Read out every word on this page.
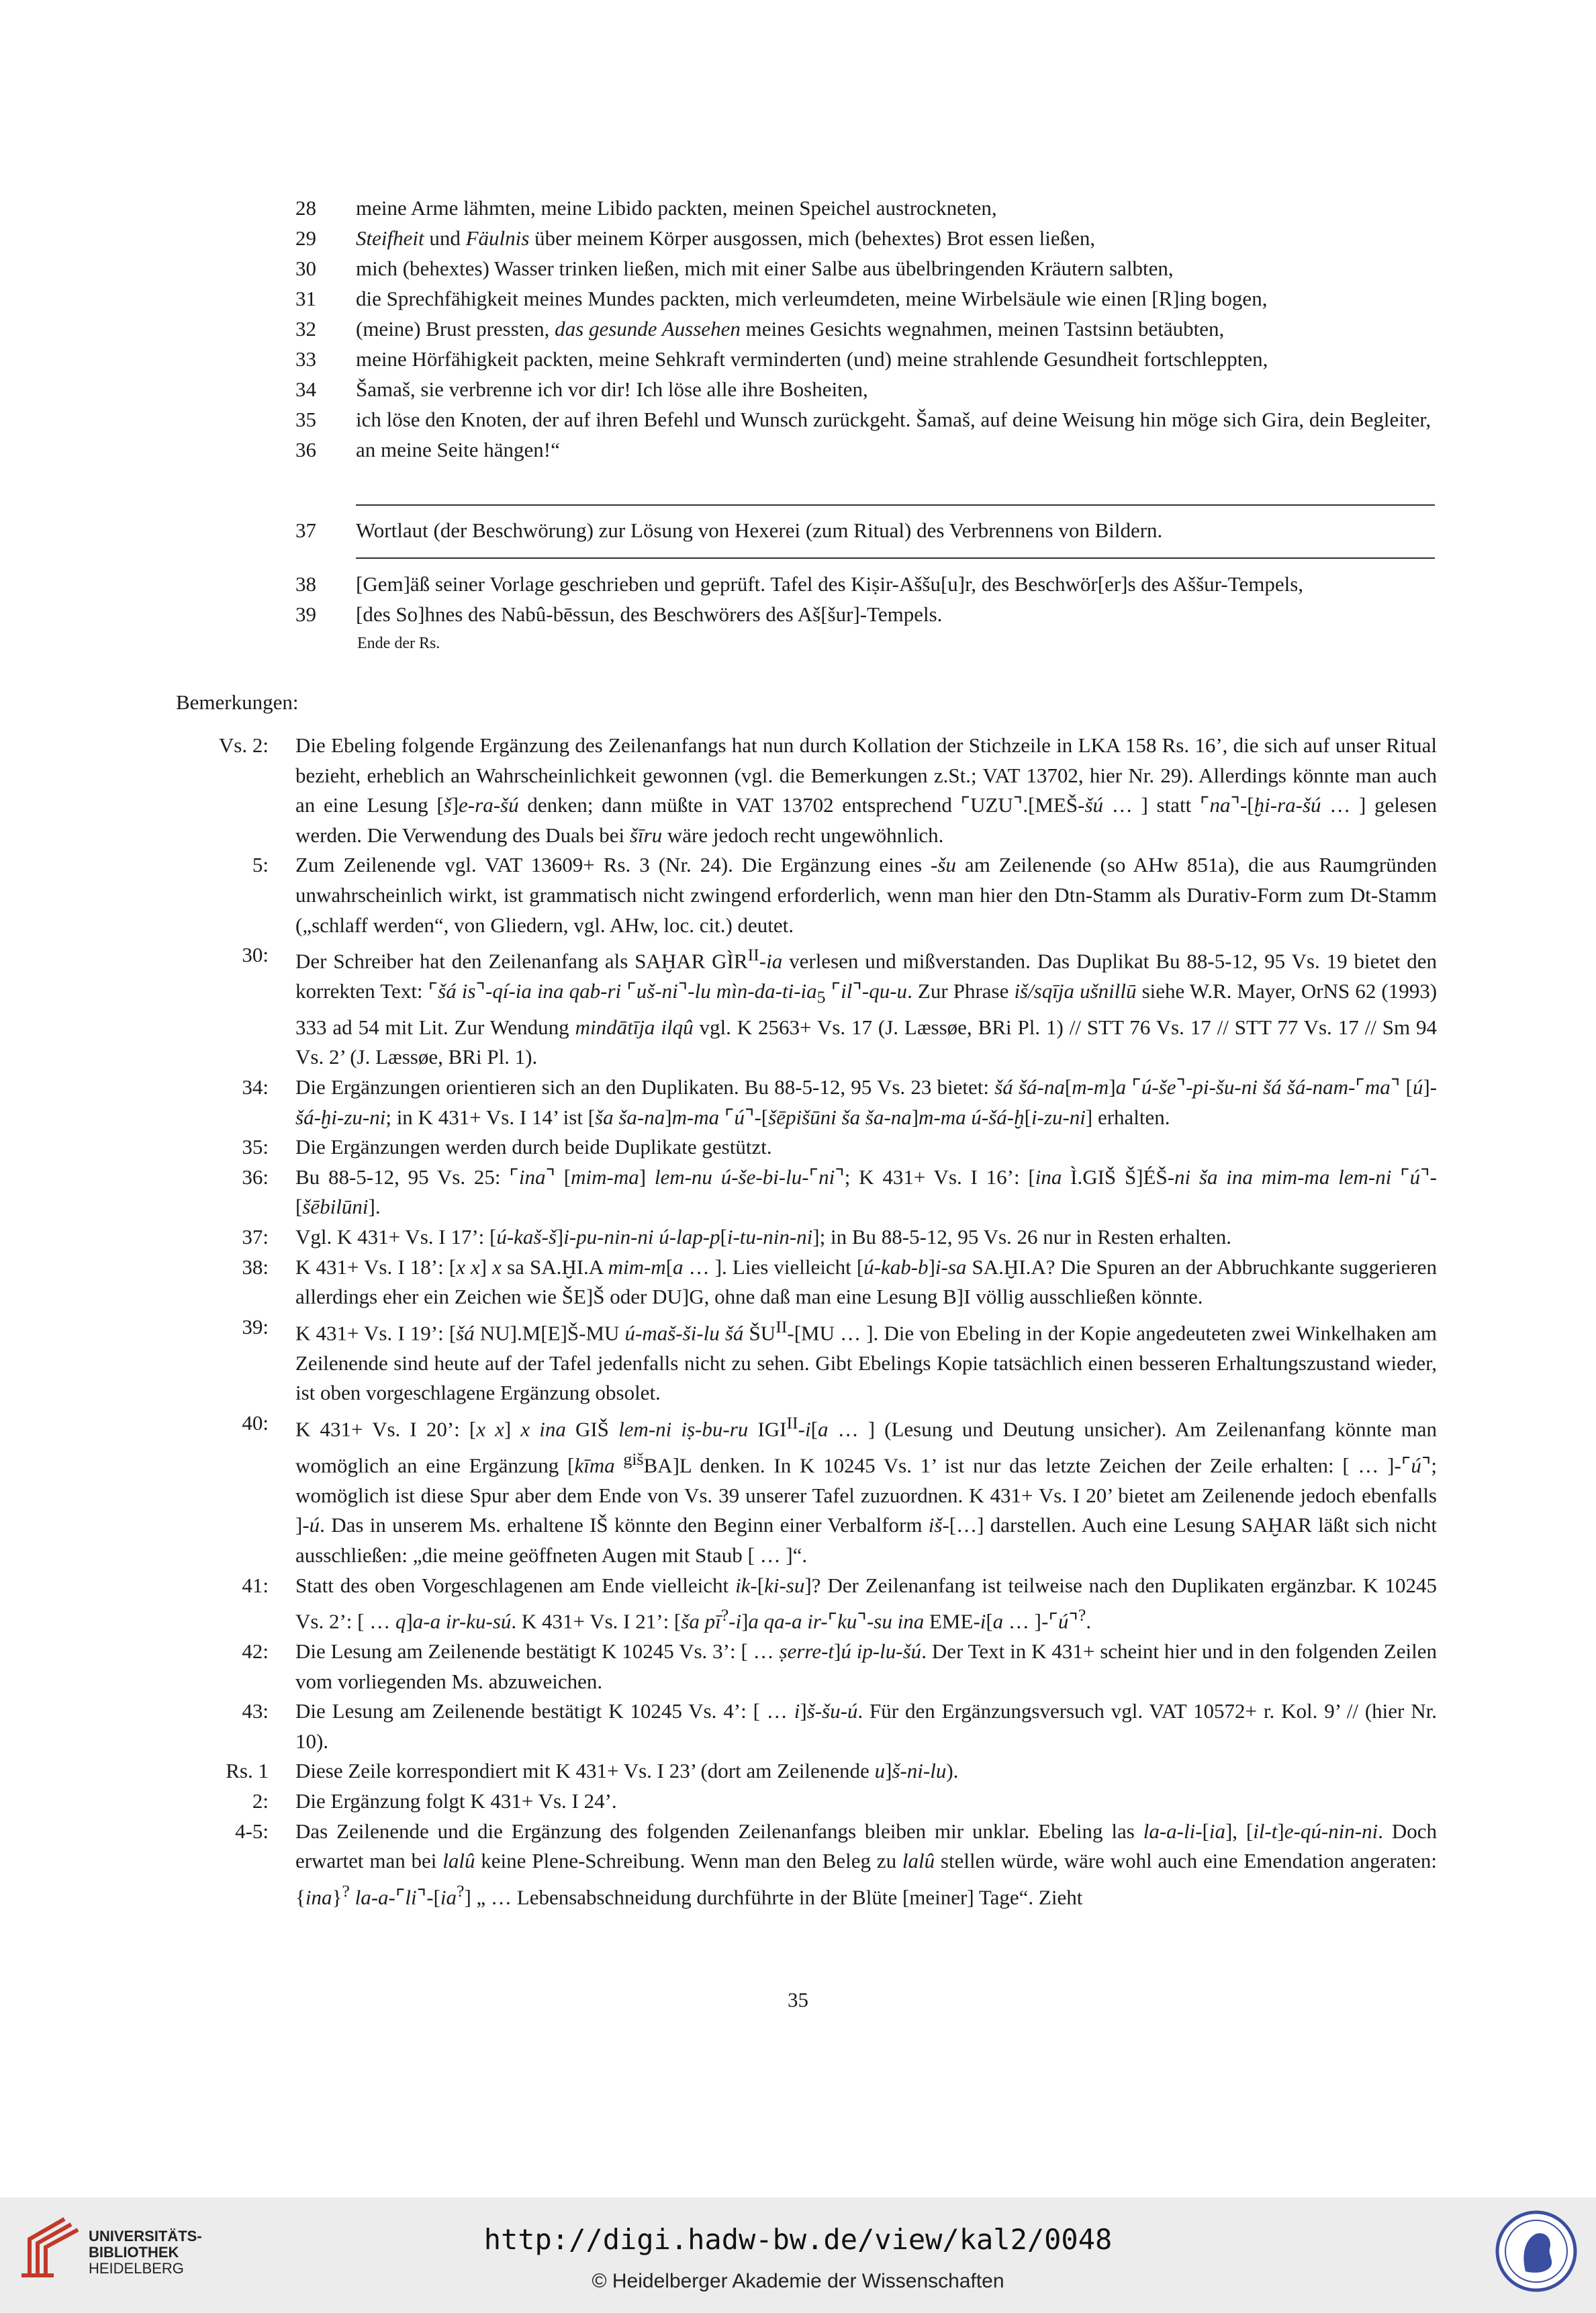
28	meine Arme lähmten, meine Libido packten, meinen Speichel austrockneten,
29	Steifheit und Fäulnis über meinem Körper ausgossen, mich (behextes) Brot essen ließen,
30	mich (behextes) Wasser trinken ließen, mich mit einer Salbe aus übelbringenden Kräutern salbten,
31	die Sprechfähigkeit meines Mundes packten, mich verleumdeten, meine Wirbelsäule wie einen [R]ing bogen,
32	(meine) Brust pressten, das gesunde Aussehen meines Gesichts wegnahmen, meinen Tastsinn betäubten,
33	meine Hörfähigkeit packten, meine Sehkraft verminderten (und) meine strahlende Gesundheit fortschleppten,
34	Šamaš, sie verbrenne ich vor dir! Ich löse alle ihre Bosheiten,
35	ich löse den Knoten, der auf ihren Befehl und Wunsch zurückgeht. Šamaš, auf deine Weisung hin möge sich Gira, dein Begleiter,
36	an meine Seite hängen!“
37	Wortlaut (der Beschwörung) zur Lösung von Hexerei (zum Ritual) des Verbrennens von Bildern.
38	[Gem]äß seiner Vorlage geschrieben und geprüft. Tafel des Kiṣir-Aššu[u]r, des Beschwör[er]s des Aššur-Tempels,
39	[des So]hnes des Nabû-bēssun, des Beschwörers des Aš[šur]-Tempels.
Ende der Rs.
Bemerkungen:
Vs. 2:	Die Ebeling folgende Ergänzung des Zeilenanfangs hat nun durch Kollation der Stichzeile in LKA 158 Rs. 16’, die sich auf unser Ritual bezieht, erheblich an Wahrscheinlichkeit gewonnen (vgl. die Bemerkungen z.St.; VAT 13702, hier Nr. 29). Allerdings könnte man auch an eine Lesung [š]e-ra-šú denken; dann müßte in VAT 13702 entsprechend ⌜UZU⌝.[MEŠ-šú … ] statt ⌜na⌝-[ḫi-ra-šú … ] gelesen werden. Die Verwendung des Duals bei šīru wäre jedoch recht ungewöhnlich.
5:	Zum Zeilenende vgl. VAT 13609+ Rs. 3 (Nr. 24). Die Ergänzung eines -šu am Zeilenende (so AHw 851a), die aus Raumgründen unwahrscheinlich wirkt, ist grammatisch nicht zwingend erforderlich, wenn man hier den Dtn-Stamm als Durativ-Form zum Dt-Stamm („schlaff werden“, von Gliedern, vgl. AHw, loc. cit.) deutet.
30:	Der Schreiber hat den Zeilenanfang als SAḪAR $GÌR^{II}-ia$ verlesen und mißverstanden. Das Duplikat Bu 88-5-12, 95 Vs. 19 bietet den korrekten Text: ⌜šá is⌝-qí-ia ina qab-ri ⌜uš-ni⌝-lu mìn-$da-ti-ia_5$ ⌜il⌝-qu-u. Zur Phrase iš/sqīja ušnillū siehe W.R. Mayer, OrNS 62 (1993) 333 ad 54 mit Lit. Zur Wendung mindātīja ilqû vgl. K 2563+ Vs. 17 (J. Læssøe, BRi Pl. 1) // STT 76 Vs. 17 // STT 77 Vs. 17 // Sm 94 Vs. 2’ (J. Læssøe, BRi Pl. 1).
34:	Die Ergänzungen orientieren sich an den Duplikaten. Bu 88-5-12, 95 Vs. 23 bietet: šá šá-na[m-m]a ⌜ú-še⌝-pi-šu-ni šá šá-nam-⌜ma⌝ [ú]-šá-ḫi-zu-ni; in K 431+ Vs. I 14’ ist [ša ša-na]m-ma ⌜ú⌝-[šēpišūni ša ša-na]m-ma ú-šá-ḫ[i-zu-ni] erhalten.
35:	Die Ergänzungen werden durch beide Duplikate gestützt.
36:	Bu 88-5-12, 95 Vs. 25: ⌜ina⌝ [mim-ma] lem-nu ú-še-bi-lu-⌜ni⌝; K 431+ Vs. I 16’: [ina Ì.GIŠ Š]ÉŠ-ni ša ina mim-ma lem-ni ⌜ú⌝-[šēbilūni].
37:	Vgl. K 431+ Vs. I 17’: [ú-kaš-š]i-pu-nin-ni ú-lap-p[i-tu-nin-ni]; in Bu 88-5-12, 95 Vs. 26 nur in Resten erhalten.
38:	K 431+ Vs. I 18’: [x x] x sa SA.ḪI.A mim-m[a … ]. Lies vielleicht [ú-kab-b]i-sa SA.ḪI.A? Die Spuren an der Abbruchkante suggerieren allerdings eher ein Zeichen wie ŠE]Š oder DU]G, ohne daß man eine Lesung B]I völlig ausschließen könnte.
39:	K 431+ Vs. I 19’: [šá NU].M[E]Š-MU ú-maš-ši-lu šá $ŠU^{II}-[MU$ … ]. Die von Ebeling in der Kopie angedeuteten zwei Winkelhaken am Zeilenende sind heute auf der Tafel jedenfalls nicht zu sehen. Gibt Ebelings Kopie tatsächlich einen besseren Erhaltungszustand wieder, ist oben vorgeschlagene Ergänzung obsolet.
40:	K 431+ Vs. I 20’: [x x] x ina GIŠ lem-ni iṣ-bu-ru $IGI^{II}-i[a$ … ] (Lesung und Deutung unsicher). Am Zeilenanfang könnte man womöglich an eine Ergänzung [kīma $^{giš}$BA]L denken. In K 10245 Vs. 1’ ist nur das letzte Zeichen der Zeile erhalten: [ … ]-⌜ú⌝; womöglich ist diese Spur aber dem Ende von Vs. 39 unserer Tafel zuzuordnen. K 431+ Vs. I 20’ bietet am Zeilenende jedoch ebenfalls ]-ú. Das in unserem Ms. erhaltene IŠ könnte den Beginn einer Verbalform iš-[…] darstellen. Auch eine Lesung SAḪAR läßt sich nicht ausschließen: „die meine geöffneten Augen mit Staub [ … ]“.
41:	Statt des oben Vorgeschlagenen am Ende vielleicht ik-[ki-su]? Der Zeilenanfang ist teilweise nach den Duplikaten ergänzbar. K 10245 Vs. 2’: [ … q]a-a ir-ku-sú. K 431+ Vs. I 21’: [ša pī?-i]a qa-a ir-⌜ku⌝-su ina EME-i[a … ]-⌜ú⌝?.
42:	Die Lesung am Zeilenende bestätigt K 10245 Vs. 3’: [ … ṣerre-t]ú ip-lu-šú. Der Text in K 431+ scheint hier und in den folgenden Zeilen vom vorliegenden Ms. abzuweichen.
43:	Die Lesung am Zeilenende bestätigt K 10245 Vs. 4’: [ … i]š-šu-ú. Für den Ergänzungsversuch vgl. VAT 10572+ r. Kol. 9’ // (hier Nr. 10).
Rs. 1	Diese Zeile korrespondiert mit K 431+ Vs. I 23’ (dort am Zeilenende u]š-ni-lu).
2:	Die Ergänzung folgt K 431+ Vs. I 24’.
4-5:	Das Zeilenende und die Ergänzung des folgenden Zeilenanfangs bleiben mir unklar. Ebeling las la-a-li-[ia], [il-t]e-qú-nin-ni. Doch erwartet man bei lalû keine Plene-Schreibung. Wenn man den Beleg zu lalû stellen würde, wäre wohl auch eine Emendation angeraten: {ina}? la-a-⌜li⌝-[ia?] „ … Lebensabschneidung durchführte in der Blüte [meiner] Tage“. Zieht
35
UNIVERSITÄTS-
BIBLIOTHEK
HEIDELBERG
http://digi.hadw-bw.de/view/kal2/0048
© Heidelberger Akademie der Wissenschaften
